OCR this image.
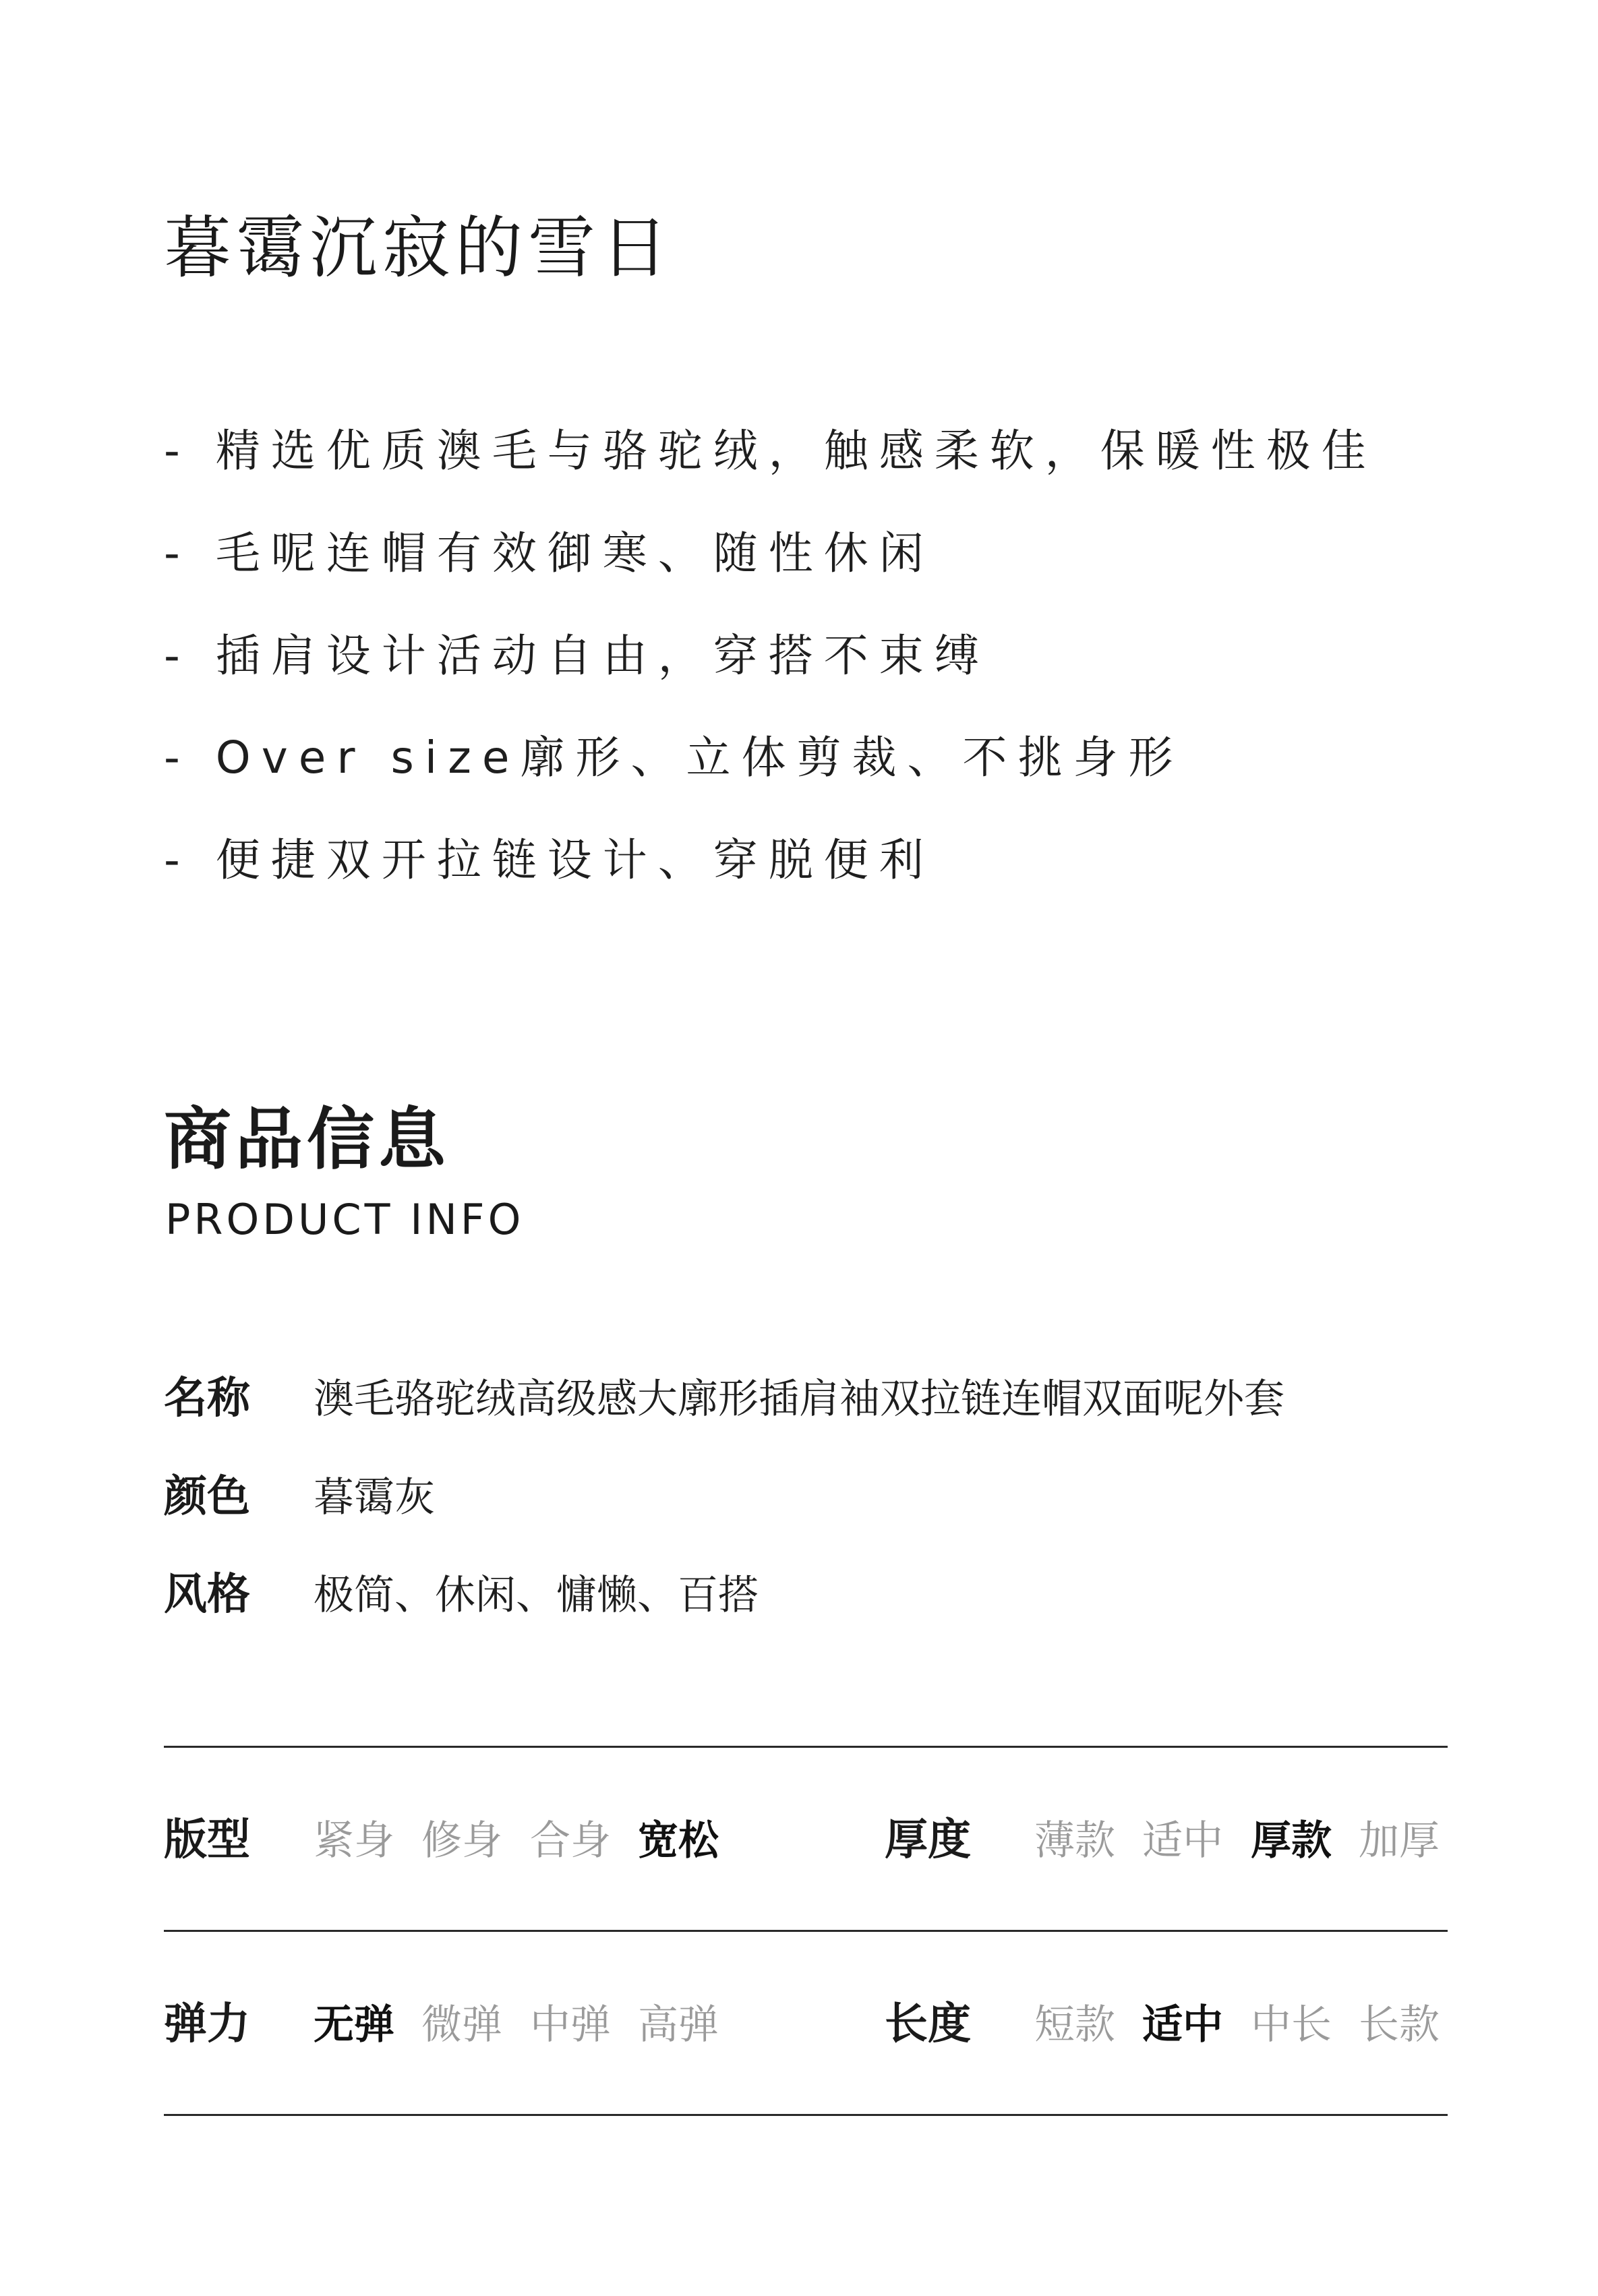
暮霭沉寂的雪日
- 精选优质澳毛与骆驼绒，触感柔软，保暖性极佳
- 毛呢连帽有效御寒、随性休闲
- 插肩设计活动自由，穿搭不束缚
- Over size廓形、立体剪裁、不挑身形
- 便捷双开拉链设计、穿脱便利
商品信息
PRODUCT INFO
名称 澳毛骆驼绒高级感大廓形插肩袖双拉链连帽双面呢外套
颜色 暮霭灰
风格 极简、休闲、慵懒、百搭
版型 紧身 修身 合身 宽松	厚度 薄款 适中 厚款 加厚
弹力 无弹 微弹 中弹 高弹	长度 短款 适中 中长 长款
